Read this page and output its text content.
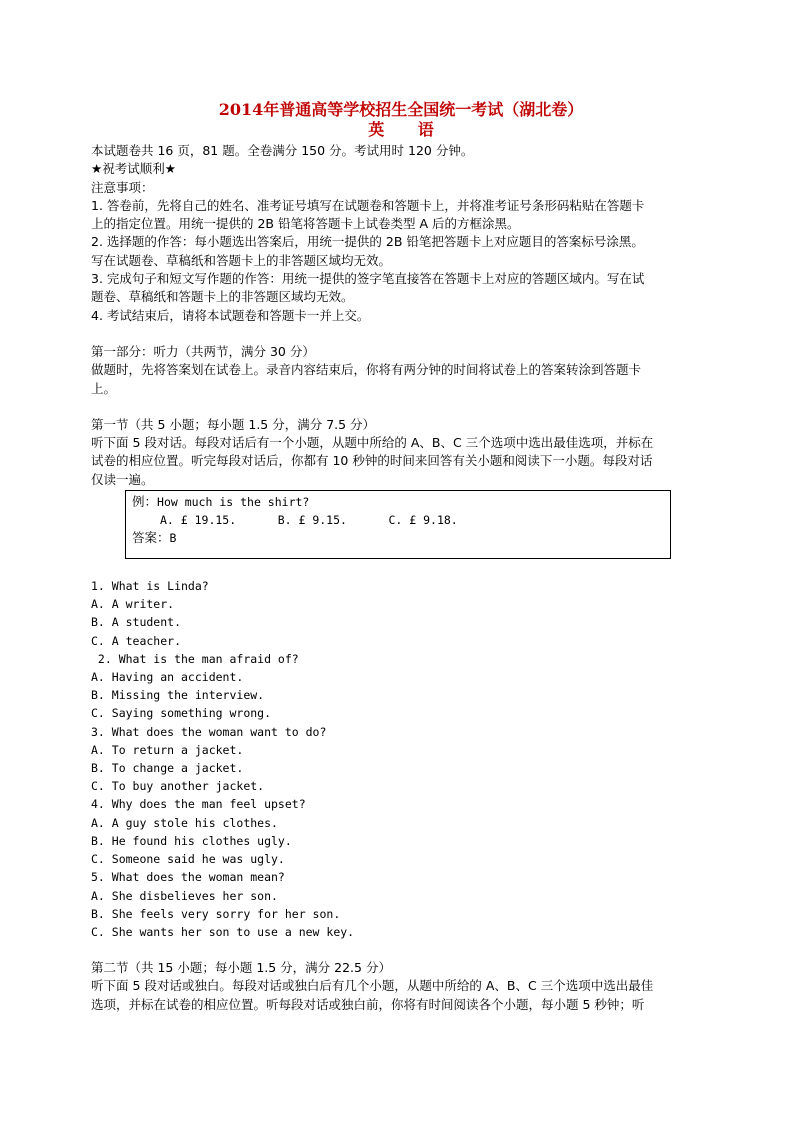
2014年普通高等学校招生全国统一考试（湖北卷）

英 语

本试题卷共 16 页，81 题。全卷满分 150 分。考试用时 120 分钟。

★祝考试顺利★

注意事项：

1. 答卷前，先将自己的姓名、准考证号填写在试题卷和答题卡上，并将准考证号条形码粘贴在答题卡

上的指定位置。用统一提供的 2B 铅笔将答题卡上试卷类型 A 后的方框涂黑。

2. 选择题的作答：每小题选出答案后，用统一提供的 2B 铅笔把答题卡上对应题目的答案标号涂黑。

写在试题卷、草稿纸和答题卡上的非答题区域均无效。

3. 完成句子和短文写作题的作答：用统一提供的签字笔直接答在答题卡上对应的答题区域内。写在试

题卷、草稿纸和答题卡上的非答题区域均无效。

4. 考试结束后，请将本试题卷和答题卡一并上交。

第一部分：听力（共两节，满分 30 分）

做题时，先将答案划在试卷上。录音内容结束后，你将有两分钟的时间将试卷上的答案转涂到答题卡

上。

第一节（共 5 小题；每小题 1.5 分，满分 7.5 分）

听下面 5 段对话。每段对话后有一个小题，从题中所给的 A、B、C 三个选项中选出最佳选项，并标在

试卷的相应位置。听完每段对话后，你都有 10 秒钟的时间来回答有关小题和阅读下一小题。每段对话

仅读一遍。

例：How much is the shirt?
A. £ 19.15.      B. £ 9.15.      C. £ 9.18.
答案：B

1. What is Linda?

A. A writer.

B. A student.

C. A teacher.

2. What is the man afraid of?

A. Having an accident.

B. Missing the interview.

C. Saying something wrong.

3. What does the woman want to do?

A. To return a jacket.

B. To change a jacket.

C. To buy another jacket.

4. Why does the man feel upset?

A. A guy stole his clothes.

B. He found his clothes ugly.

C. Someone said he was ugly.

5. What does the woman mean?

A. She disbelieves her son.

B. She feels very sorry for her son.

C. She wants her son to use a new key.

第二节（共 15 小题；每小题 1.5 分，满分 22.5 分）

听下面 5 段对话或独白。每段对话或独白后有几个小题，从题中所给的 A、B、C 三个选项中选出最佳

选项，并标在试卷的相应位置。听每段对话或独白前，你将有时间阅读各个小题，每小题 5 秒钟；听
